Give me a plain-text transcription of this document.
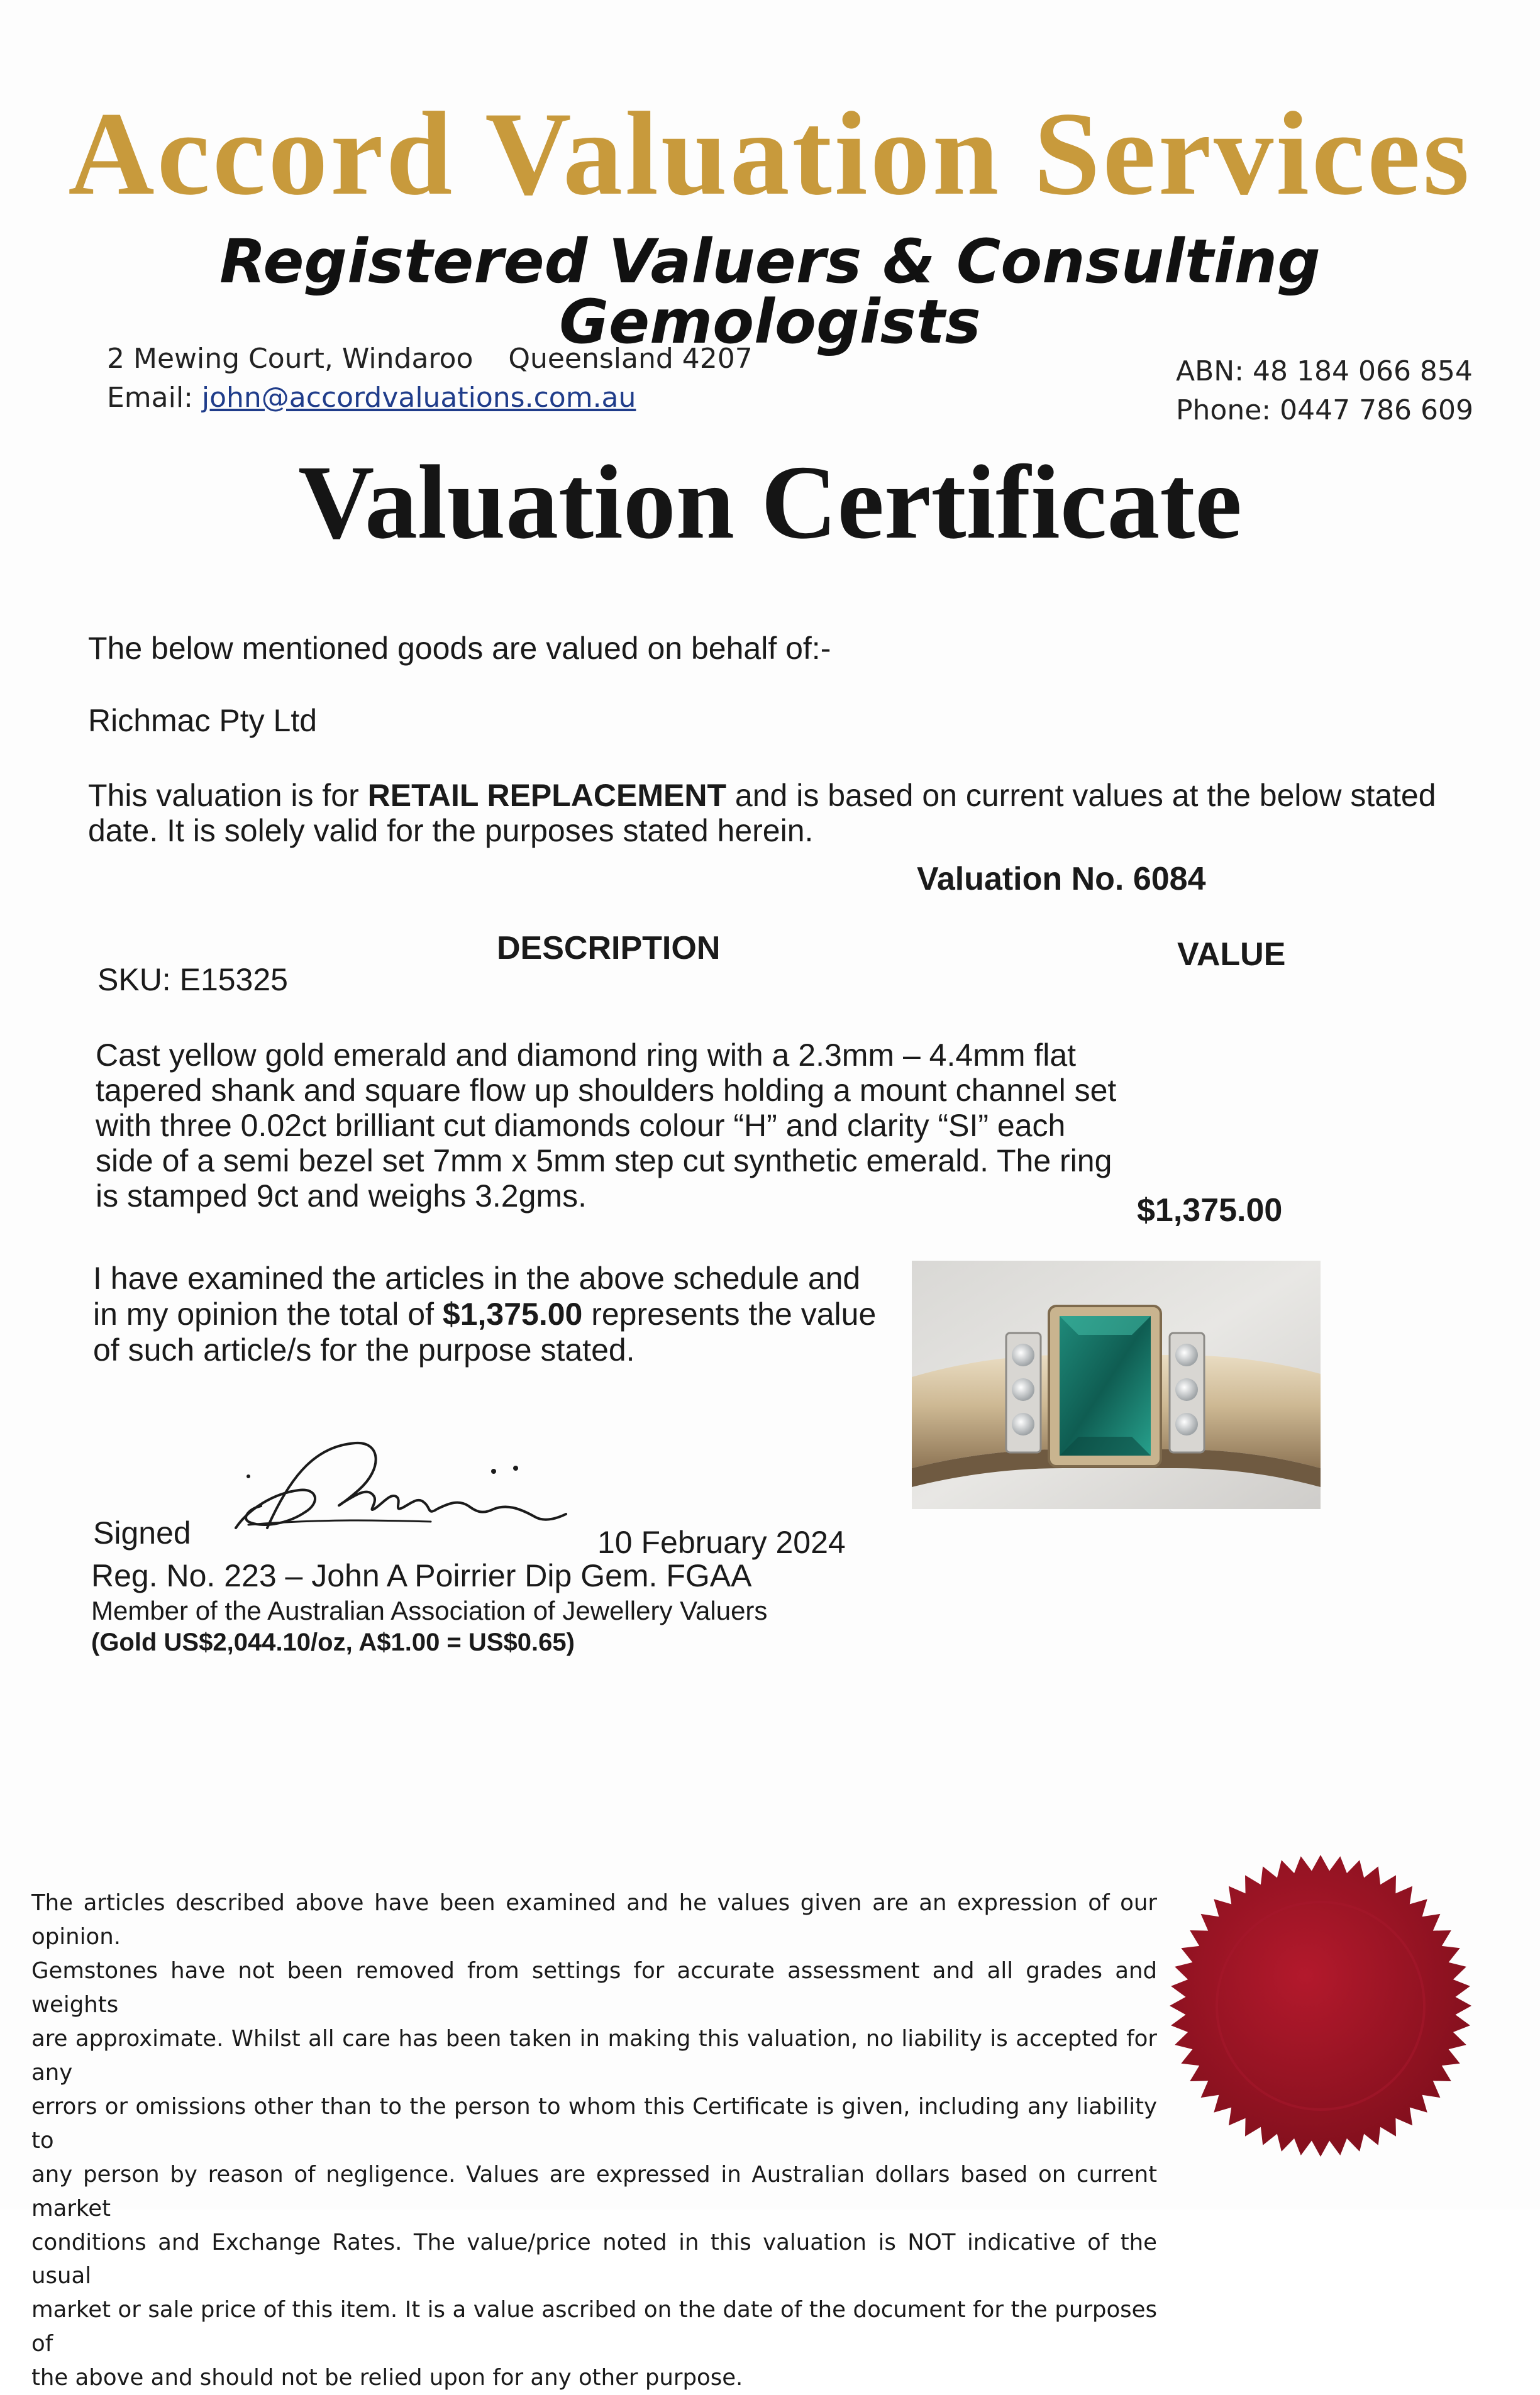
Accord Valuation Services
Registered Valuers & Consulting Gemologists
2 Mewing Court, Windaroo    Queensland 4207
Email: john@accordvaluations.com.au
ABN: 48 184 066 854
Phone: 0447 786 609
Valuation Certificate
The below mentioned goods are valued on behalf of:-
Richmac Pty Ltd
This valuation is for RETAIL REPLACEMENT and is based on current values at the below stated date. It is solely valid for the purposes stated herein.
Valuation No. 6084
DESCRIPTION	VALUE
SKU: E15325
Cast yellow gold emerald and diamond ring with a 2.3mm – 4.4mm flat
tapered shank and square flow up shoulders holding a mount channel set
with three 0.02ct brilliant cut diamonds colour “H” and clarity “SI” each
side of a semi bezel set 7mm x 5mm step cut synthetic emerald. The ring
is stamped 9ct and weighs 3.2gms.	$1,375.00
I have examined the articles in the above schedule and
in my opinion the total of $1,375.00 represents the value
of such article/s for the purpose stated.
Signed	10 February 2024
Reg. No. 223 – John A Poirrier Dip Gem. FGAA
Member of the Australian Association of Jewellery Valuers
(Gold US$2,044.10/oz, A$1.00 = US$0.65)
The articles described above have been examined and he values given are an expression of our opinion.
Gemstones have not been removed from settings for accurate assessment and all grades and weights
are approximate. Whilst all care has been taken in making this valuation, no liability is accepted for any
errors or omissions other than to the person to whom this Certificate is given, including any liability to
any person by reason of negligence. Values are expressed in Australian dollars based on current market
conditions and Exchange Rates. The value/price noted in this valuation is NOT indicative of the usual
market or sale price of this item. It is a value ascribed on the date of the document for the purposes of
the above and should not be relied upon for any other purpose.
